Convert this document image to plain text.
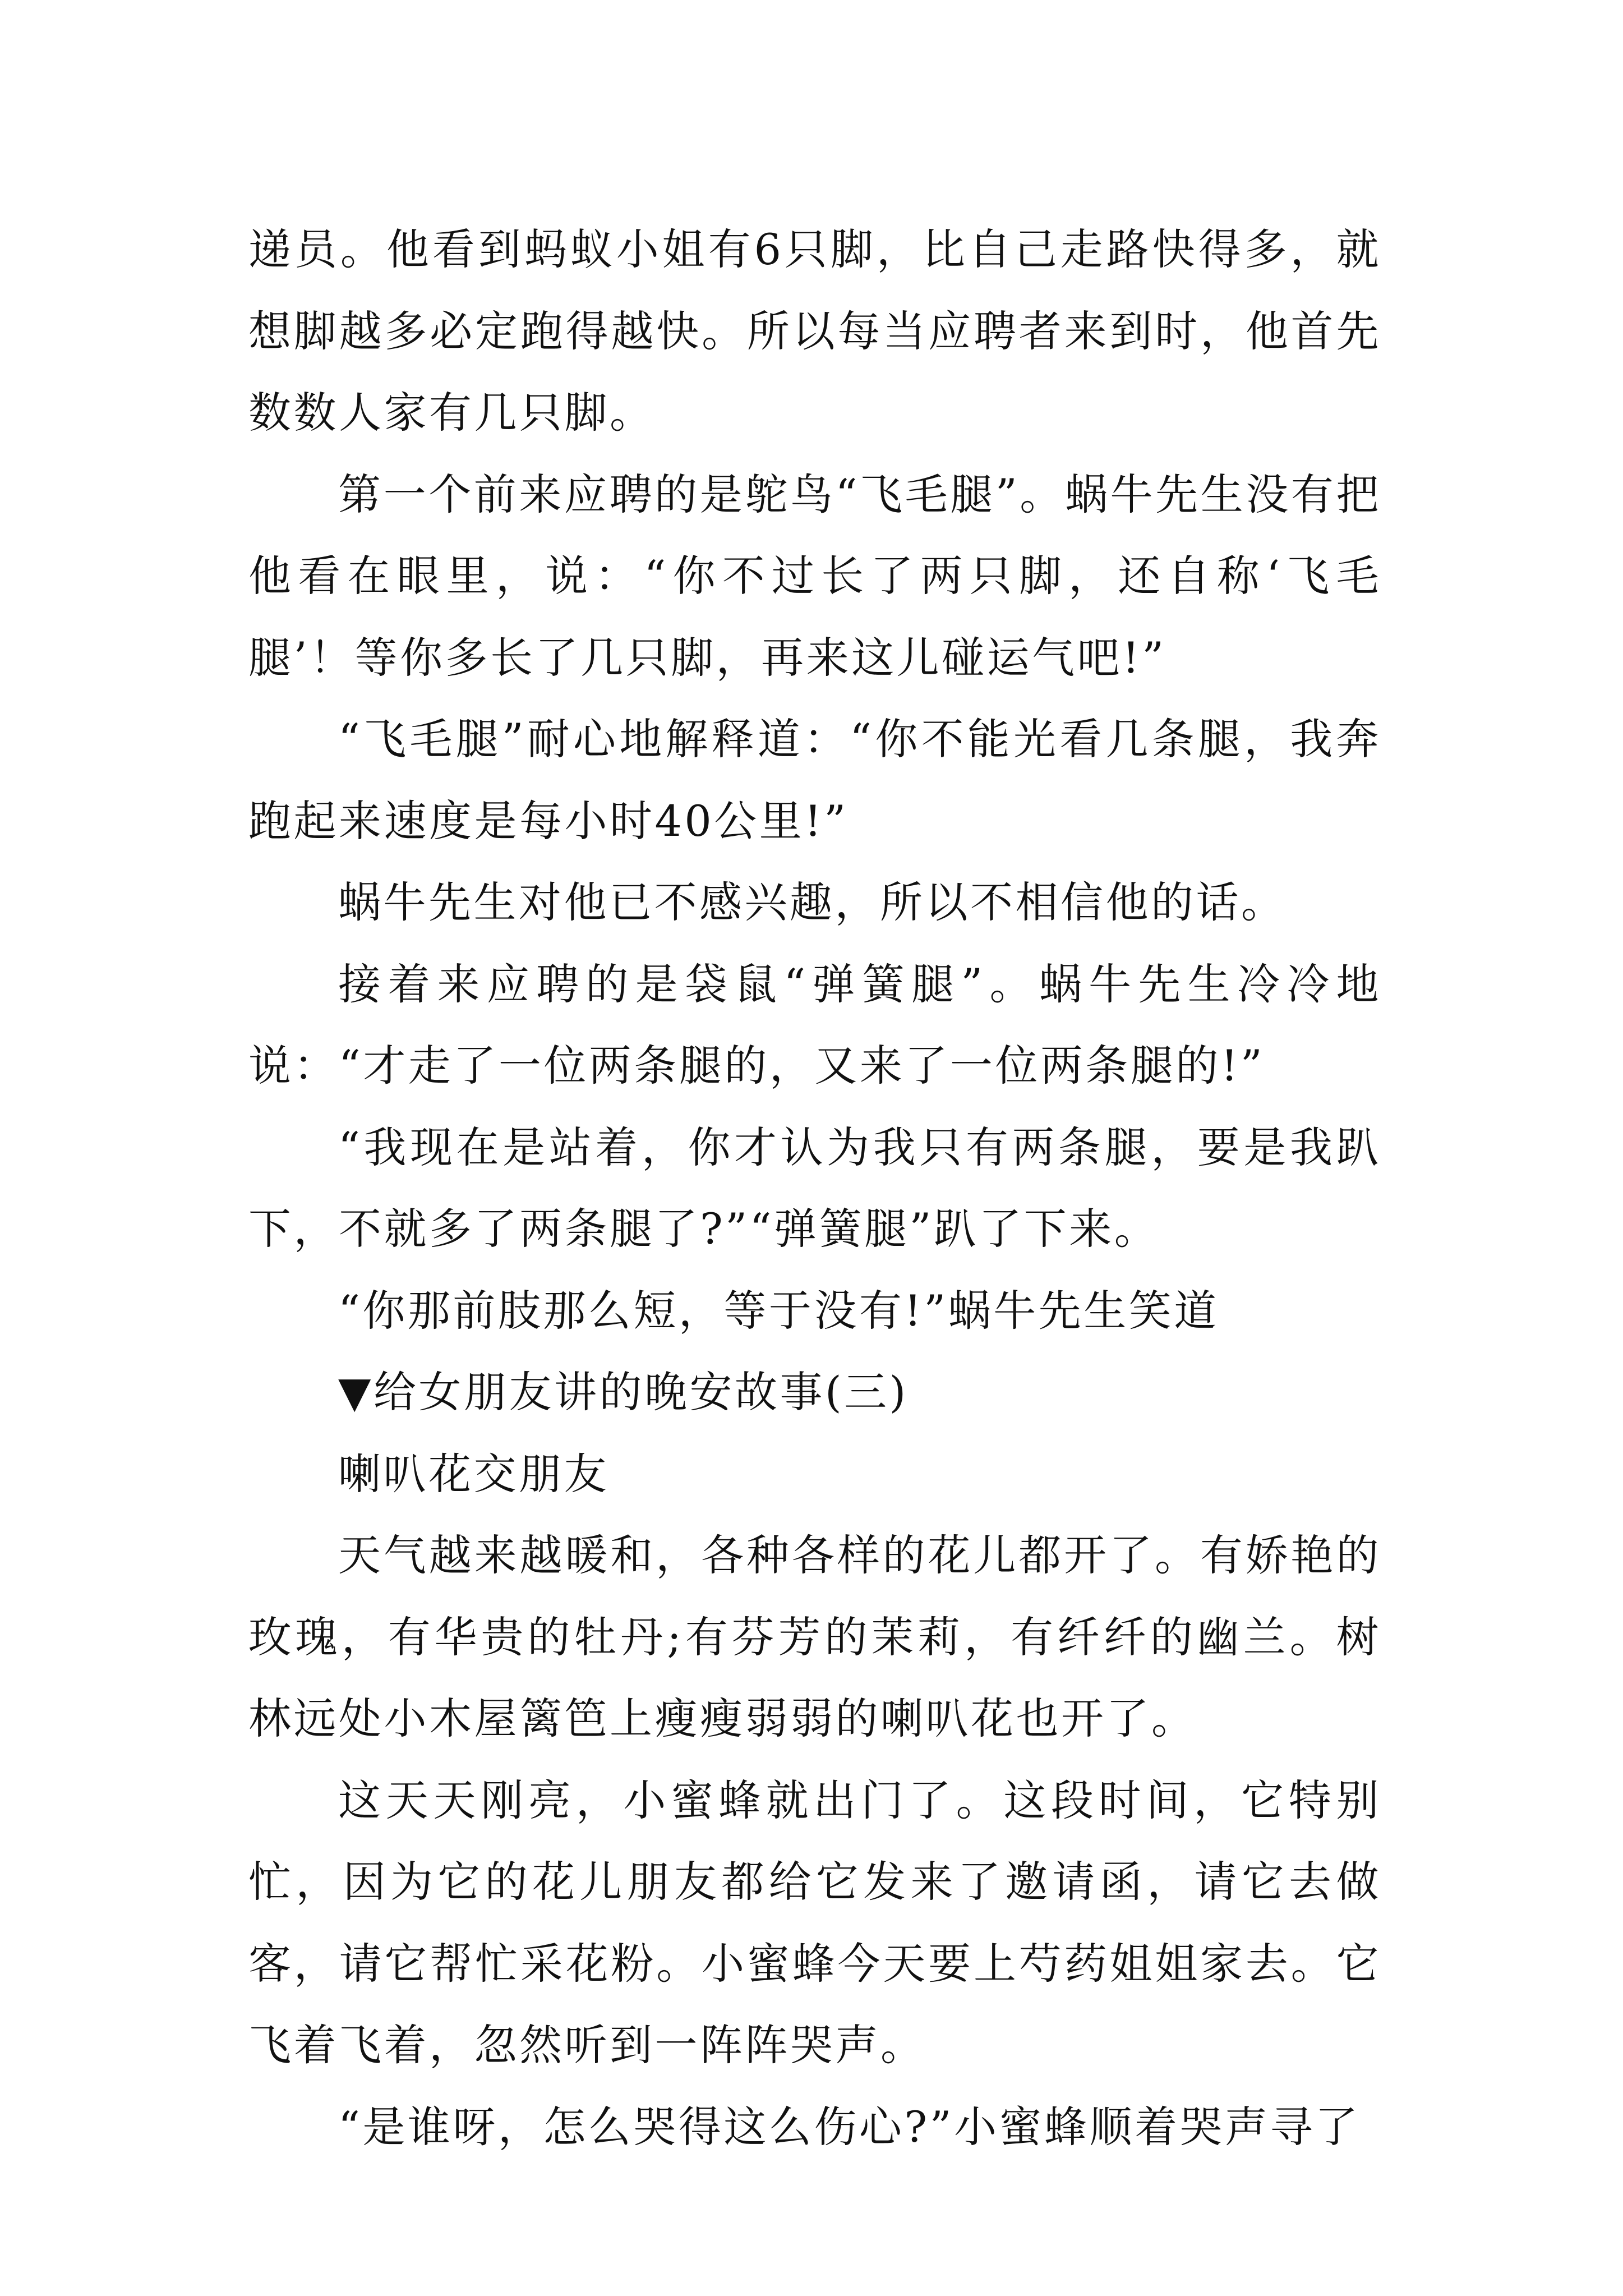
递员。他看到蚂蚁小姐有6只脚，比自己走路快得多，就想脚越多必定跑得越快。所以每当应聘者来到时，他首先数数人家有几只脚。

第一个前来应聘的是鸵鸟“飞毛腿”。蜗牛先生没有把他看在眼里，说：“你不过长了两只脚，还自称‘飞毛腿’！等你多长了几只脚，再来这儿碰运气吧!”

“飞毛腿”耐心地解释道：“你不能光看几条腿，我奔跑起来速度是每小时40公里!”

蜗牛先生对他已不感兴趣，所以不相信他的话。

接着来应聘的是袋鼠“弹簧腿”。蜗牛先生冷冷地说：“才走了一位两条腿的，又来了一位两条腿的!”

“我现在是站着，你才认为我只有两条腿，要是我趴下，不就多了两条腿了?”“弹簧腿”趴了下来。

“你那前肢那么短，等于没有!”蜗牛先生笑道

▼给女朋友讲的晚安故事(三)

喇叭花交朋友

天气越来越暖和，各种各样的花儿都开了。有娇艳的玫瑰，有华贵的牡丹;有芬芳的茉莉，有纤纤的幽兰。树林远处小木屋篱笆上瘦瘦弱弱的喇叭花也开了。

这天天刚亮，小蜜蜂就出门了。这段时间，它特别忙，因为它的花儿朋友都给它发来了邀请函，请它去做客，请它帮忙采花粉。小蜜蜂今天要上芍药姐姐家去。它飞着飞着，忽然听到一阵阵哭声。

“是谁呀，怎么哭得这么伤心?”小蜜蜂顺着哭声寻了
